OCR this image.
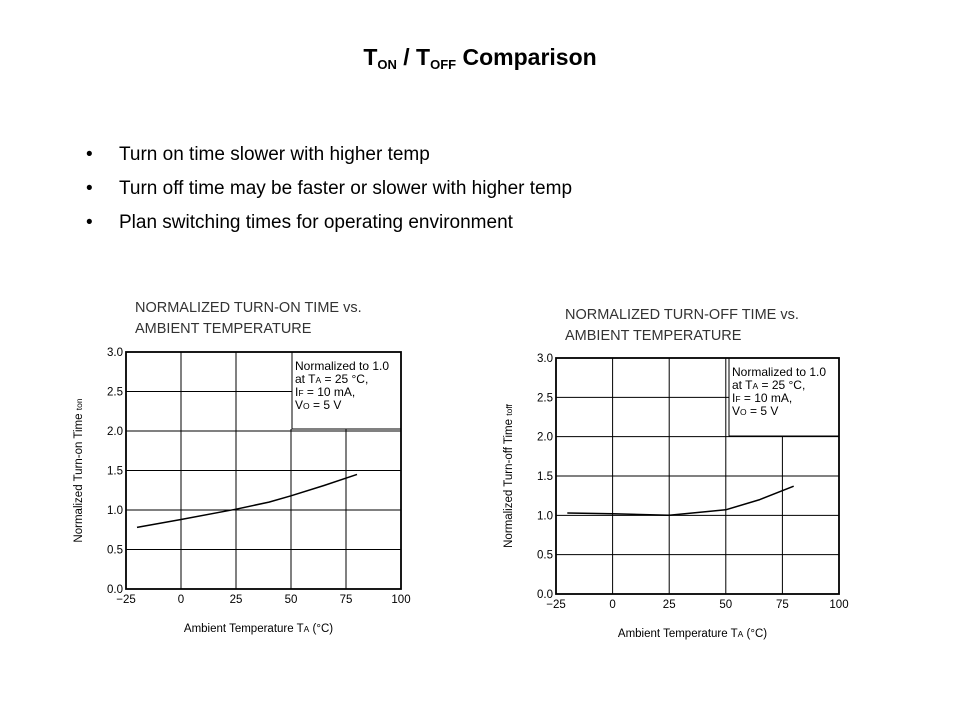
$T_{ON} / T_{OFF}$ Comparison
• Turn on time slower with higher temp
• Turn off time may be faster or slower with higher temp
• Plan switching times for operating environment
NORMALIZED TURN-ON TIME vs.
AMBIENT TEMPERATURE
Normalized to 1.0
at TA = 25 °C,
IF = 10 mA,
VO = 5 V
−25	0	25	50	75	100
0.0
0.5
1.0
1.5
2.0
2.5
3.0
Ambient Temperature TA (°C)
Normalized Turn-on Time ton
NORMALIZED TURN-OFF TIME vs.
AMBIENT TEMPERATURE
Normalized to 1.0
at TA = 25 °C,
IF = 10 mA,
VO = 5 V
−25	0	25	50	75	100
0.0
0.5
1.0
1.5
2.0
2.5
3.0
Ambient Temperature TA (°C)
Normalized Turn-off Time toff
